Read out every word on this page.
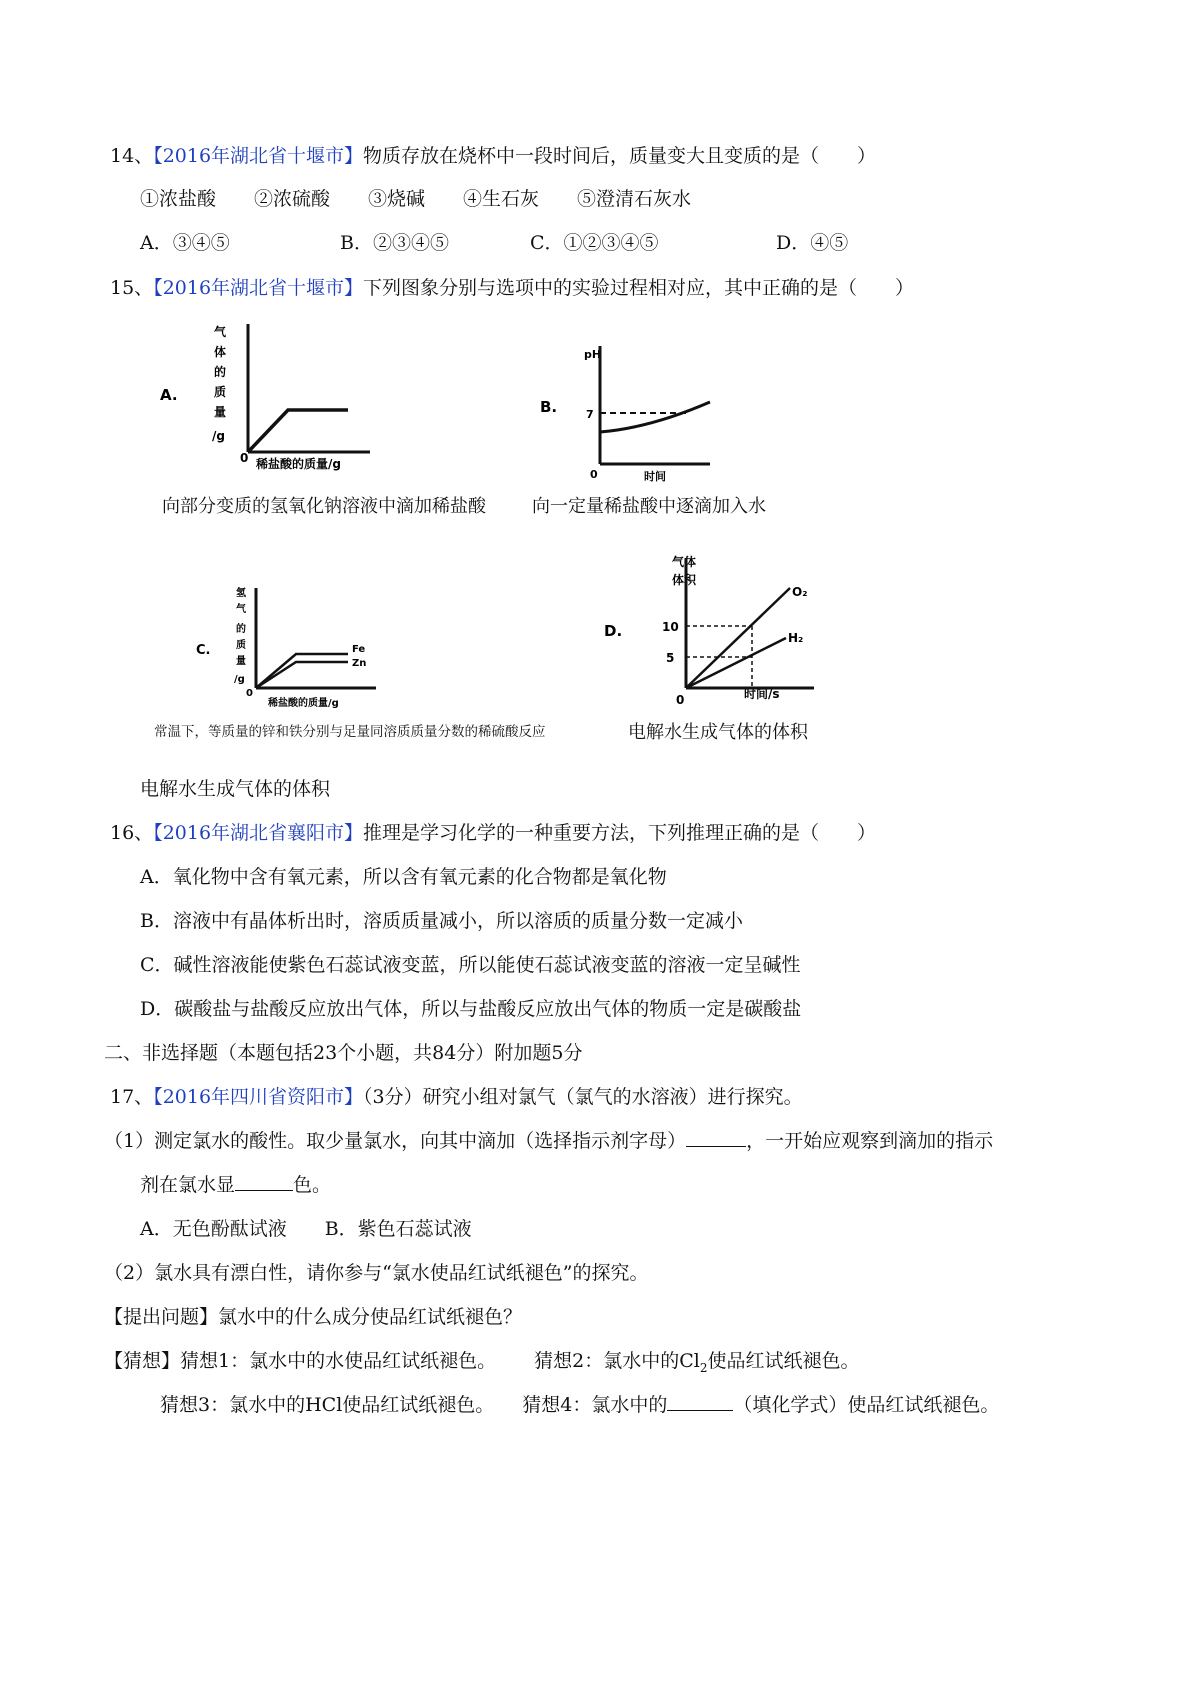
14、【2016年湖北省十堰市】物质存放在烧杯中一段时间后，质量变大且变质的是（　　）
①浓盐酸　　②浓硫酸　　③烧碱　　④生石灰　　⑤澄清石灰水
A．③④⑤	B．②③④⑤	C．①②③④⑤	D．④⑤
15、【2016年湖北省十堰市】下列图象分别与选项中的实验过程相对应，其中正确的是（　　）
A.
气
体
的
质
量
/g
0 稀盐酸的质量/g
向部分变质的氢氧化钠溶液中滴加稀盐酸
B.
pH
7
0	时间
向一定量稀盐酸中逐滴加入水
C.
氢
气
的
质
量
/g
0
稀盐酸的质量/g
Fe
Zn
常温下，等质量的锌和铁分别与足量同溶质质量分数的稀硫酸反应
D.
气体
体积
10
5
0	时间/s
O₂
H₂
电解水生成气体的体积
电解水生成气体的体积
16、【2016年湖北省襄阳市】推理是学习化学的一种重要方法，下列推理正确的是（　　）
A．氧化物中含有氧元素，所以含有氧元素的化合物都是氧化物
B．溶液中有晶体析出时，溶质质量减小，所以溶质的质量分数一定减小
C．碱性溶液能使紫色石蕊试液变蓝，所以能使石蕊试液变蓝的溶液一定呈碱性
D．碳酸盐与盐酸反应放出气体，所以与盐酸反应放出气体的物质一定是碳酸盐
二、非选择题（本题包括23个小题，共84分）附加题5分
17、【2016年四川省资阳市】（3分）研究小组对氯气（氯气的水溶液）进行探究。
（1）测定氯水的酸性。取少量氯水，向其中滴加（选择指示剂字母）	，一开始应观察到滴加的指示
剂在氯水显	色。
A．无色酚酞试液　　B．紫色石蕊试液
（2）氯水具有漂白性，请你参与“氯水使品红试纸褪色”的探究。
【提出问题】氯水中的什么成分使品红试纸褪色？
【猜想】猜想1：氯水中的水使品红试纸褪色。 猜想2：氯水中的$Cl_2$使品红试纸褪色。
猜想3：氯水中的HCl使品红试纸褪色。 猜想4：氯水中的	（填化学式）使品红试纸褪色。
